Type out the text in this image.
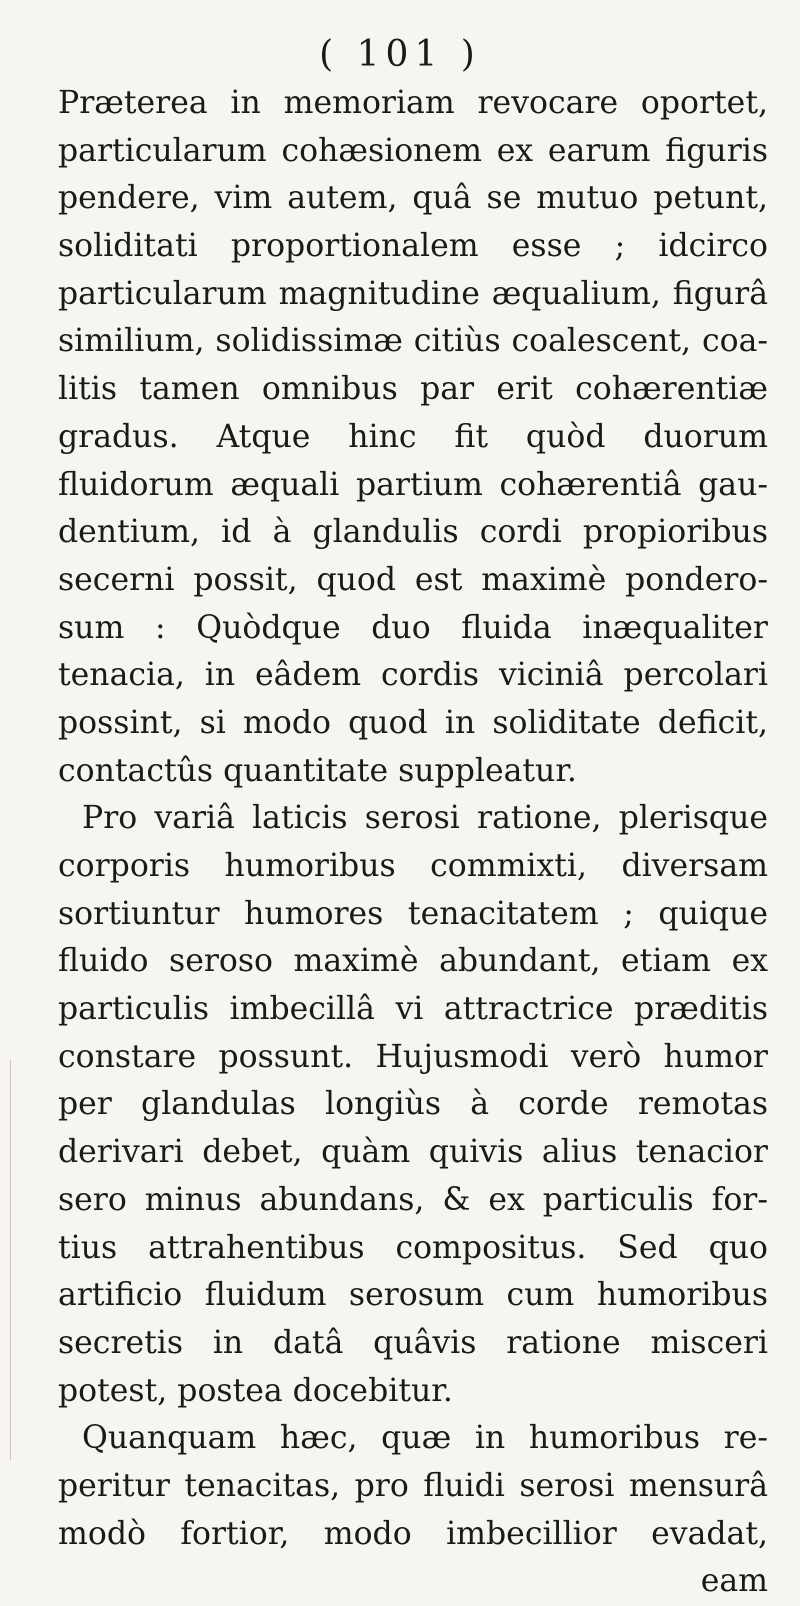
( 101 )
Præterea in memoriam revocare oportet,
particularum cohæsionem ex earum figuris
pendere, vim autem, quâ se mutuo petunt,
soliditati proportionalem esse ; idcirco
particularum magnitudine æqualium, figurâ
similium, solidissimæ citiùs coalescent, coa-
litis tamen omnibus par erit cohærentiæ
gradus. Atque hinc fit quòd duorum
fluidorum æquali partium cohærentiâ gau-
dentium, id à glandulis cordi propioribus
secerni possit, quod est maximè pondero-
sum : Quòdque duo fluida inæqualiter
tenacia, in eâdem cordis viciniâ percolari
possint, si modo quod in soliditate deficit,
contactûs quantitate suppleatur.
Pro variâ laticis serosi ratione, plerisque
corporis humoribus commixti, diversam
sortiuntur humores tenacitatem ; quique
fluido seroso maximè abundant, etiam ex
particulis imbecillâ vi attractrice præditis
constare possunt. Hujusmodi verò humor
per glandulas longiùs à corde remotas
derivari debet, quàm quivis alius tenacior
sero minus abundans, & ex particulis for-
tius attrahentibus compositus. Sed quo
artificio fluidum serosum cum humoribus
secretis in datâ quâvis ratione misceri
potest, postea docebitur.
Quanquam hæc, quæ in humoribus re-
peritur tenacitas, pro fluidi serosi mensurâ
modò fortior, modo imbecillior evadat,
eam
